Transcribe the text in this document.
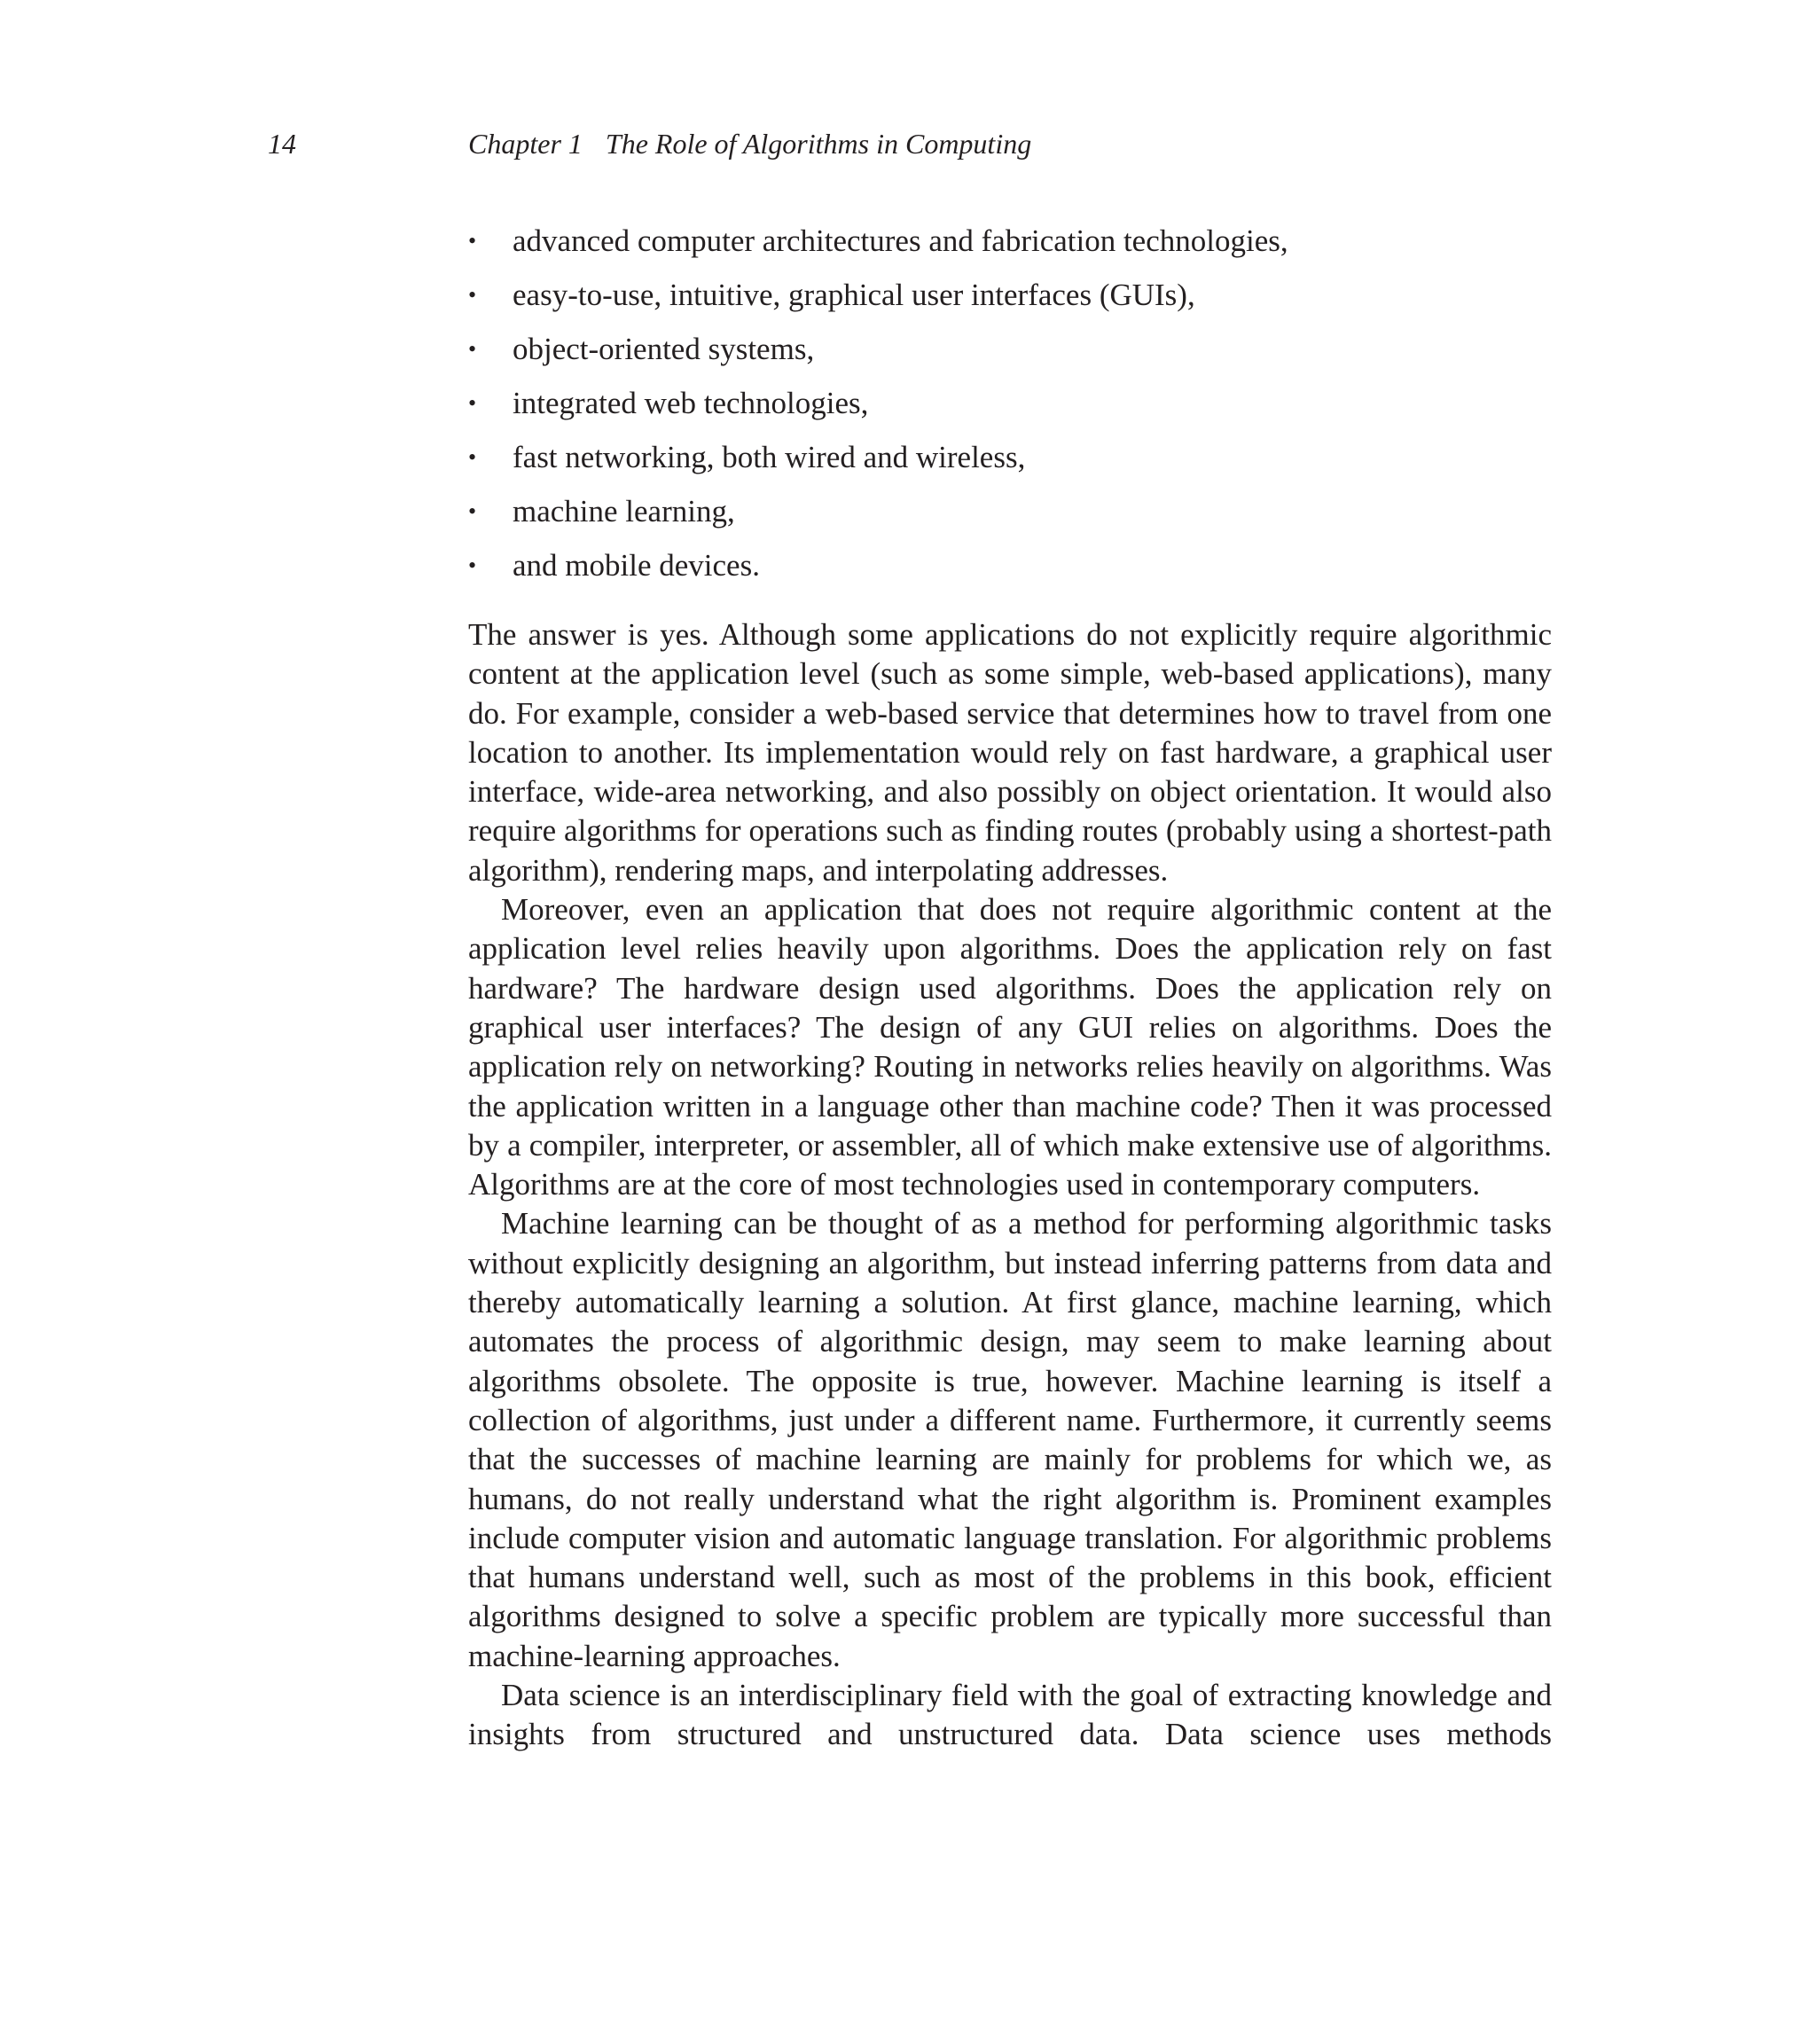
14	Chapter 1 The Role of Algorithms in Computing
• advanced computer architectures and fabrication technologies,
• easy-to-use, intuitive, graphical user interfaces (GUIs),
• object-oriented systems,
• integrated web technologies,
• fast networking, both wired and wireless,
• machine learning,
• and mobile devices.

The answer is yes. Although some applications do not explicitly require algorithmic content at the application level (such as some simple, web-based applications), many do. For example, consider a web-based service that determines how to travel from one location to another. Its implementation would rely on fast hardware, a graphical user interface, wide-area networking, and also possibly on object orientation. It would also require algorithms for operations such as finding routes (probably using a shortest-path algorithm), rendering maps, and interpolating addresses.

Moreover, even an application that does not require algorithmic content at the application level relies heavily upon algorithms. Does the application rely on fast hardware? The hardware design used algorithms. Does the application rely on graphical user interfaces? The design of any GUI relies on algorithms. Does the application rely on networking? Routing in networks relies heavily on algorithms. Was the application written in a language other than machine code? Then it was processed by a compiler, interpreter, or assembler, all of which make extensive use of algorithms. Algorithms are at the core of most technologies used in contemporary computers.

Machine learning can be thought of as a method for performing algorithmic tasks without explicitly designing an algorithm, but instead inferring patterns from data and thereby automatically learning a solution. At first glance, machine learning, which automates the process of algorithmic design, may seem to make learning about algorithms obsolete. The opposite is true, however. Machine learning is itself a collection of algorithms, just under a different name. Furthermore, it currently seems that the successes of machine learning are mainly for problems for which we, as humans, do not really understand what the right algorithm is. Prominent examples include computer vision and automatic language translation. For algorithmic problems that humans understand well, such as most of the problems in this book, efficient algorithms designed to solve a specific problem are typically more successful than machine-learning approaches.

Data science is an interdisciplinary field with the goal of extracting knowledge and insights from structured and unstructured data. Data science uses methods
